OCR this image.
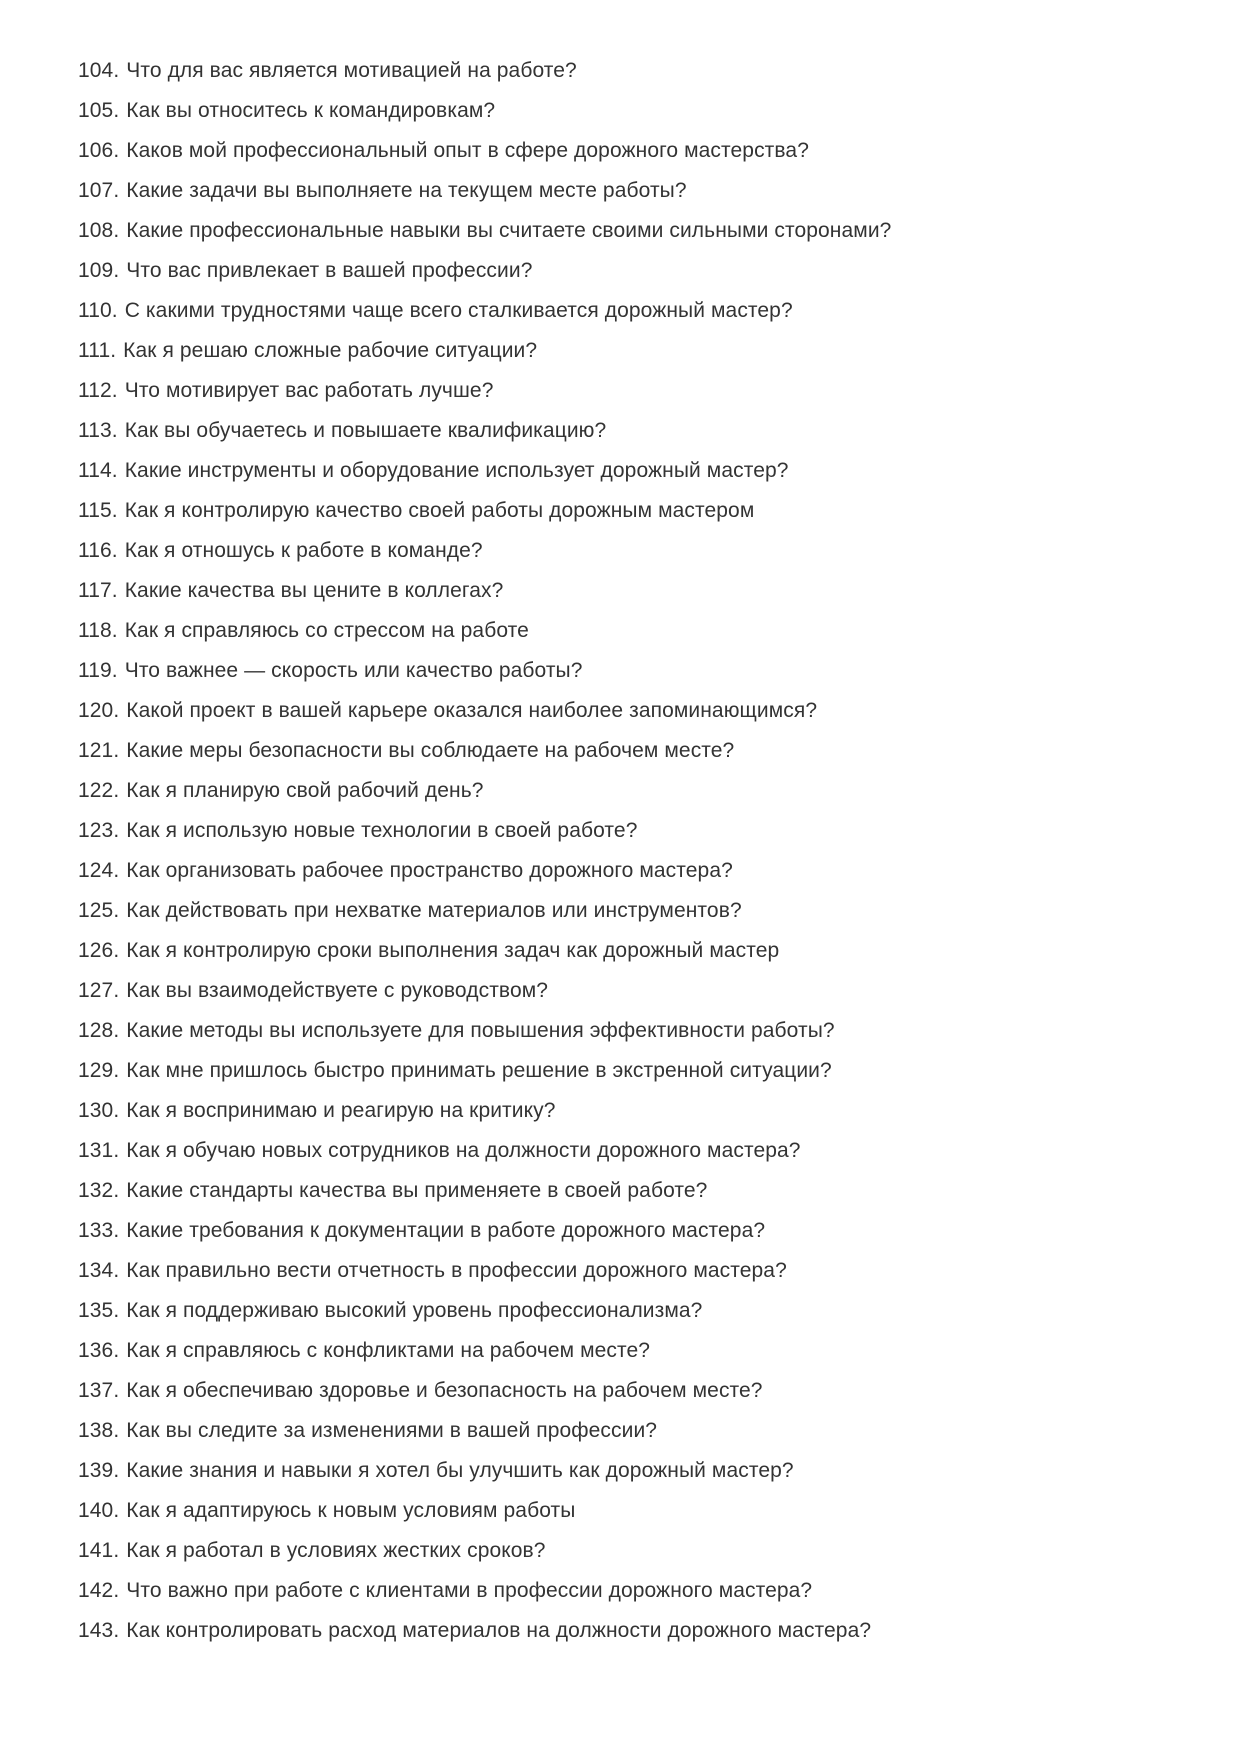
104. Что для вас является мотивацией на работе?
105. Как вы относитесь к командировкам?
106. Каков мой профессиональный опыт в сфере дорожного мастерства?
107. Какие задачи вы выполняете на текущем месте работы?
108. Какие профессиональные навыки вы считаете своими сильными сторонами?
109. Что вас привлекает в вашей профессии?
110. С какими трудностями чаще всего сталкивается дорожный мастер?
111. Как я решаю сложные рабочие ситуации?
112. Что мотивирует вас работать лучше?
113. Как вы обучаетесь и повышаете квалификацию?
114. Какие инструменты и оборудование использует дорожный мастер?
115. Как я контролирую качество своей работы дорожным мастером
116. Как я отношусь к работе в команде?
117. Какие качества вы цените в коллегах?
118. Как я справляюсь со стрессом на работе
119. Что важнее — скорость или качество работы?
120. Какой проект в вашей карьере оказался наиболее запоминающимся?
121. Какие меры безопасности вы соблюдаете на рабочем месте?
122. Как я планирую свой рабочий день?
123. Как я использую новые технологии в своей работе?
124. Как организовать рабочее пространство дорожного мастера?
125. Как действовать при нехватке материалов или инструментов?
126. Как я контролирую сроки выполнения задач как дорожный мастер
127. Как вы взаимодействуете с руководством?
128. Какие методы вы используете для повышения эффективности работы?
129. Как мне пришлось быстро принимать решение в экстренной ситуации?
130. Как я воспринимаю и реагирую на критику?
131. Как я обучаю новых сотрудников на должности дорожного мастера?
132. Какие стандарты качества вы применяете в своей работе?
133. Какие требования к документации в работе дорожного мастера?
134. Как правильно вести отчетность в профессии дорожного мастера?
135. Как я поддерживаю высокий уровень профессионализма?
136. Как я справляюсь с конфликтами на рабочем месте?
137. Как я обеспечиваю здоровье и безопасность на рабочем месте?
138. Как вы следите за изменениями в вашей профессии?
139. Какие знания и навыки я хотел бы улучшить как дорожный мастер?
140. Как я адаптируюсь к новым условиям работы
141. Как я работал в условиях жестких сроков?
142. Что важно при работе с клиентами в профессии дорожного мастера?
143. Как контролировать расход материалов на должности дорожного мастера?
